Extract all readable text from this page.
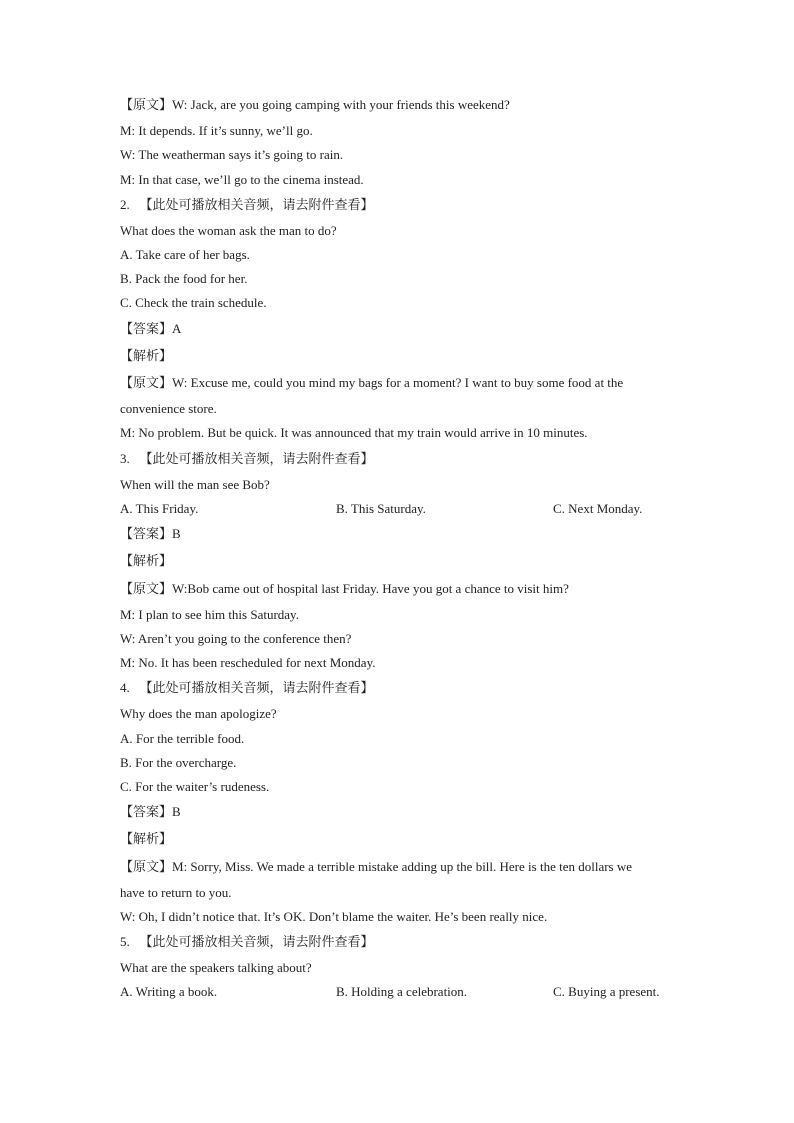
【原文】W: Jack, are you going camping with your friends this weekend?
M: It depends. If it’s sunny, we’ll go.
W: The weatherman says it’s going to rain.
M: In that case, we’ll go to the cinema instead.
2. 【此处可播放相关音频，请去附件查看】
What does the woman ask the man to do?
A. Take care of her bags.
B. Pack the food for her.
C. Check the train schedule.
【答案】A
【解析】
【原文】W: Excuse me, could you mind my bags for a moment? I want to buy some food at the
convenience store.
M: No problem. But be quick. It was announced that my train would arrive in 10 minutes.
3. 【此处可播放相关音频，请去附件查看】
When will the man see Bob?
A. This Friday.	B. This Saturday.	C. Next Monday.
【答案】B
【解析】
【原文】W:Bob came out of hospital last Friday. Have you got a chance to visit him?
M: I plan to see him this Saturday.
W: Aren’t you going to the conference then?
M: No. It has been rescheduled for next Monday.
4. 【此处可播放相关音频，请去附件查看】
Why does the man apologize?
A. For the terrible food.
B. For the overcharge.
C. For the waiter’s rudeness.
【答案】B
【解析】
【原文】M: Sorry, Miss. We made a terrible mistake adding up the bill. Here is the ten dollars we
have to return to you.
W: Oh, I didn’t notice that. It’s OK. Don’t blame the waiter. He’s been really nice.
5. 【此处可播放相关音频，请去附件查看】
What are the speakers talking about?
A. Writing a book.	B. Holding a celebration.	C. Buying a present.
